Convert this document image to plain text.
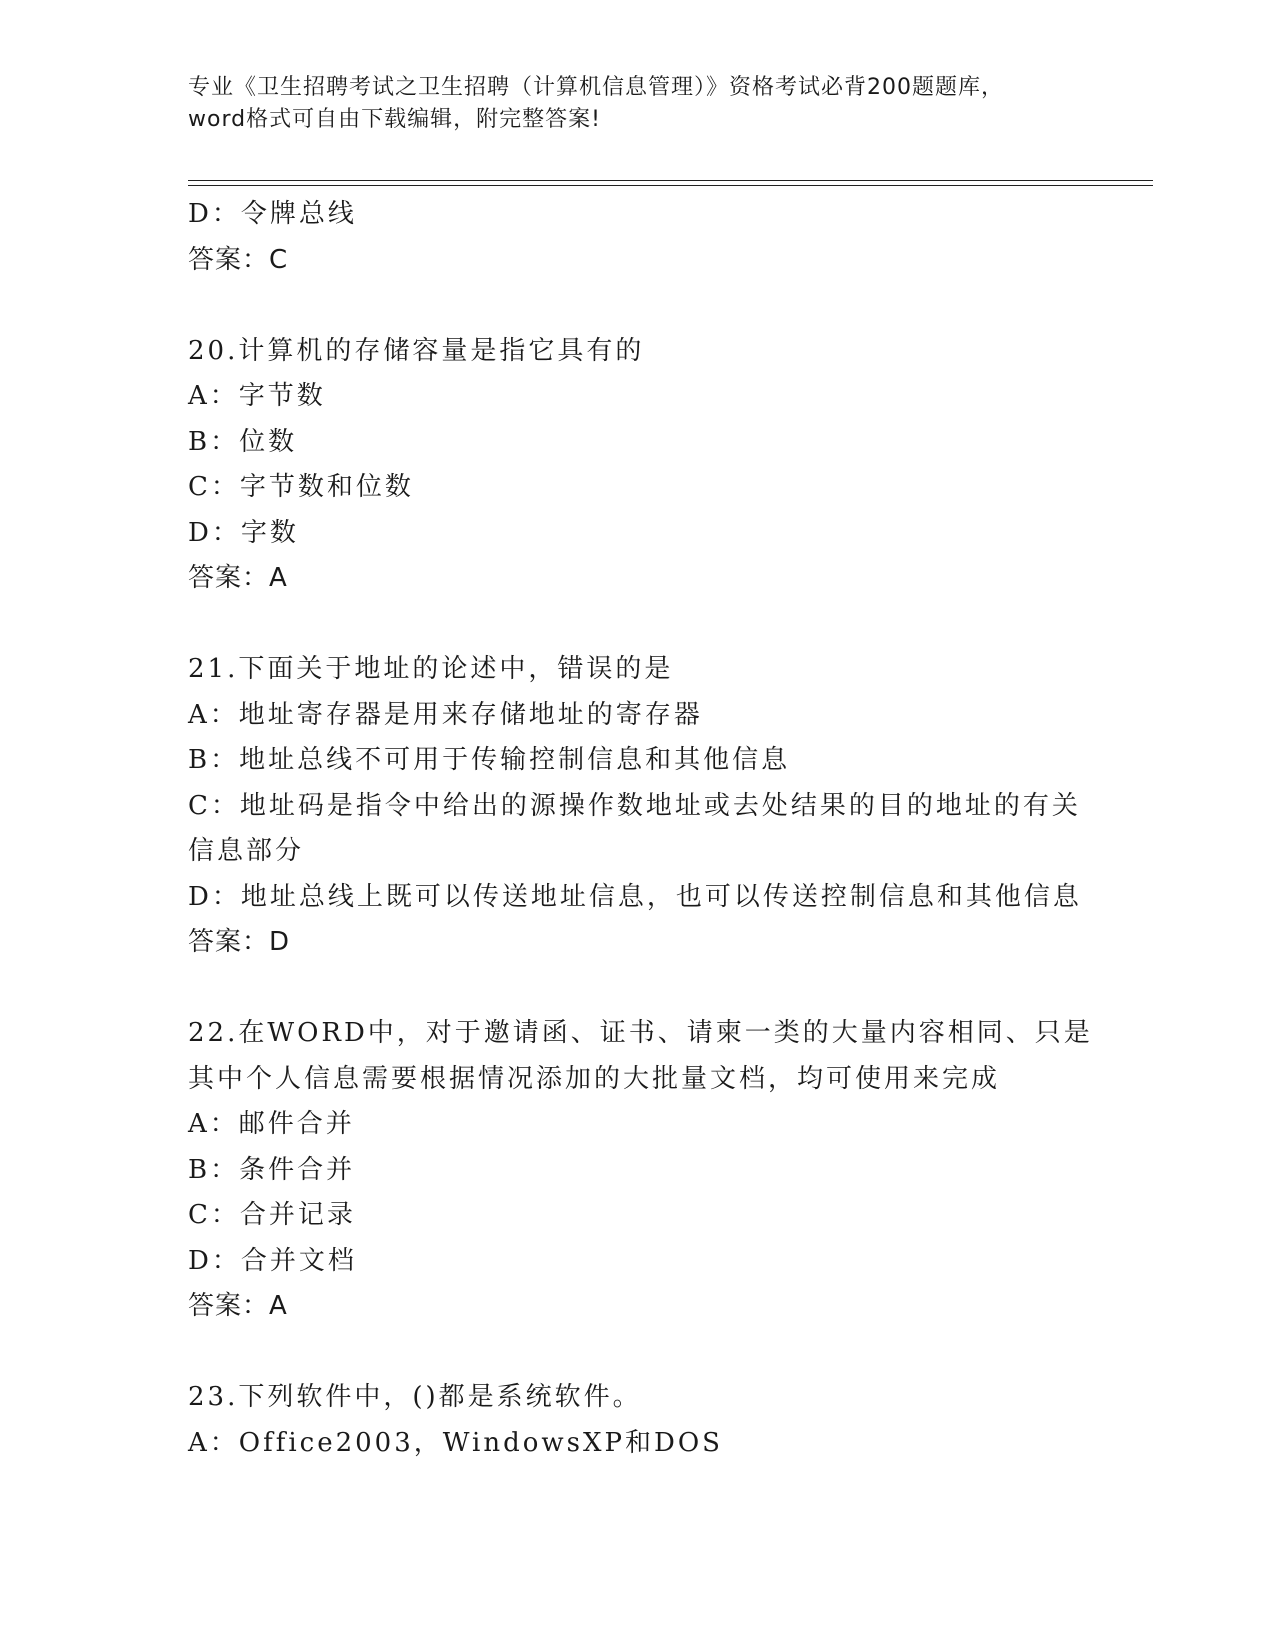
专业《卫生招聘考试之卫生招聘（计算机信息管理）》资格考试必背200题题库，
word格式可自由下载编辑，附完整答案!
D：令牌总线
答案：C
20.计算机的存储容量是指它具有的
A：字节数
B：位数
C：字节数和位数
D：字数
答案：A
21.下面关于地址的论述中，错误的是
A：地址寄存器是用来存储地址的寄存器
B：地址总线不可用于传输控制信息和其他信息
C：地址码是指令中给出的源操作数地址或去处结果的目的地址的有关
信息部分
D：地址总线上既可以传送地址信息，也可以传送控制信息和其他信息
答案：D
22.在WORD中，对于邀请函、证书、请柬一类的大量内容相同、只是
其中个人信息需要根据情况添加的大批量文档，均可使用来完成
A：邮件合并
B：条件合并
C：合并记录
D：合并文档
答案：A
23.下列软件中，()都是系统软件。
A：Office2003，WindowsXP和DOS
